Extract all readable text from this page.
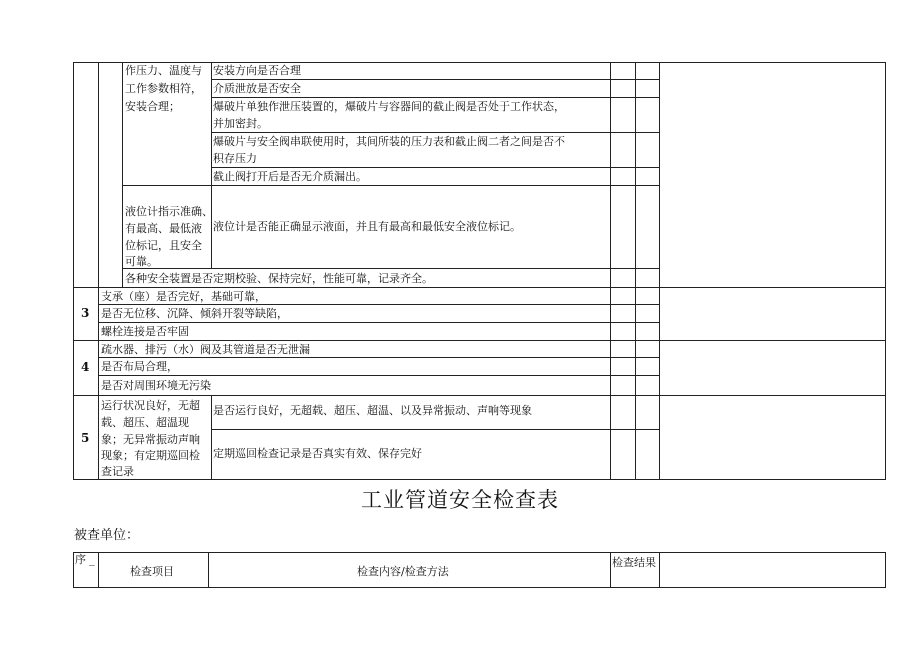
作压力、温度与
工作参数相符，
安装合理；
安装方向是否合理
介质泄放是否安全
爆破片单独作泄压装置的，爆破片与容器间的截止阀是否处于工作状态，
并加密封。
爆破片与安全阀串联使用时，其间所装的压力表和截止阀二者之间是否不
积存压力
截止阀打开后是否无介质漏出。
液位计指示准确、
有最高、最低液
位标记，且安全
可靠。
液位计是否能正确显示液面，并且有最高和最低安全液位标记。
各种安全装置是否定期校验、保持完好，性能可靠，记录齐全。
3
支承（座）是否完好，基础可靠，
是否无位移、沉降、倾斜开裂等缺陷，
螺栓连接是否牢固
4
疏水器、排污（水）阀及其管道是否无泄漏
是否布局合理，
是否对周围环境无污染
5
运行状况良好，无超
载、超压、超温现
象；无异常振动声响
现象；有定期巡回检
查记录
是否运行良好，无超载、超压、超温、以及异常振动、声响等现象
定期巡回检查记录是否真实有效、保存完好
工业管道安全检查表
被查单位：
序 _
检查项目	检查内容/检查方法
检查结果
